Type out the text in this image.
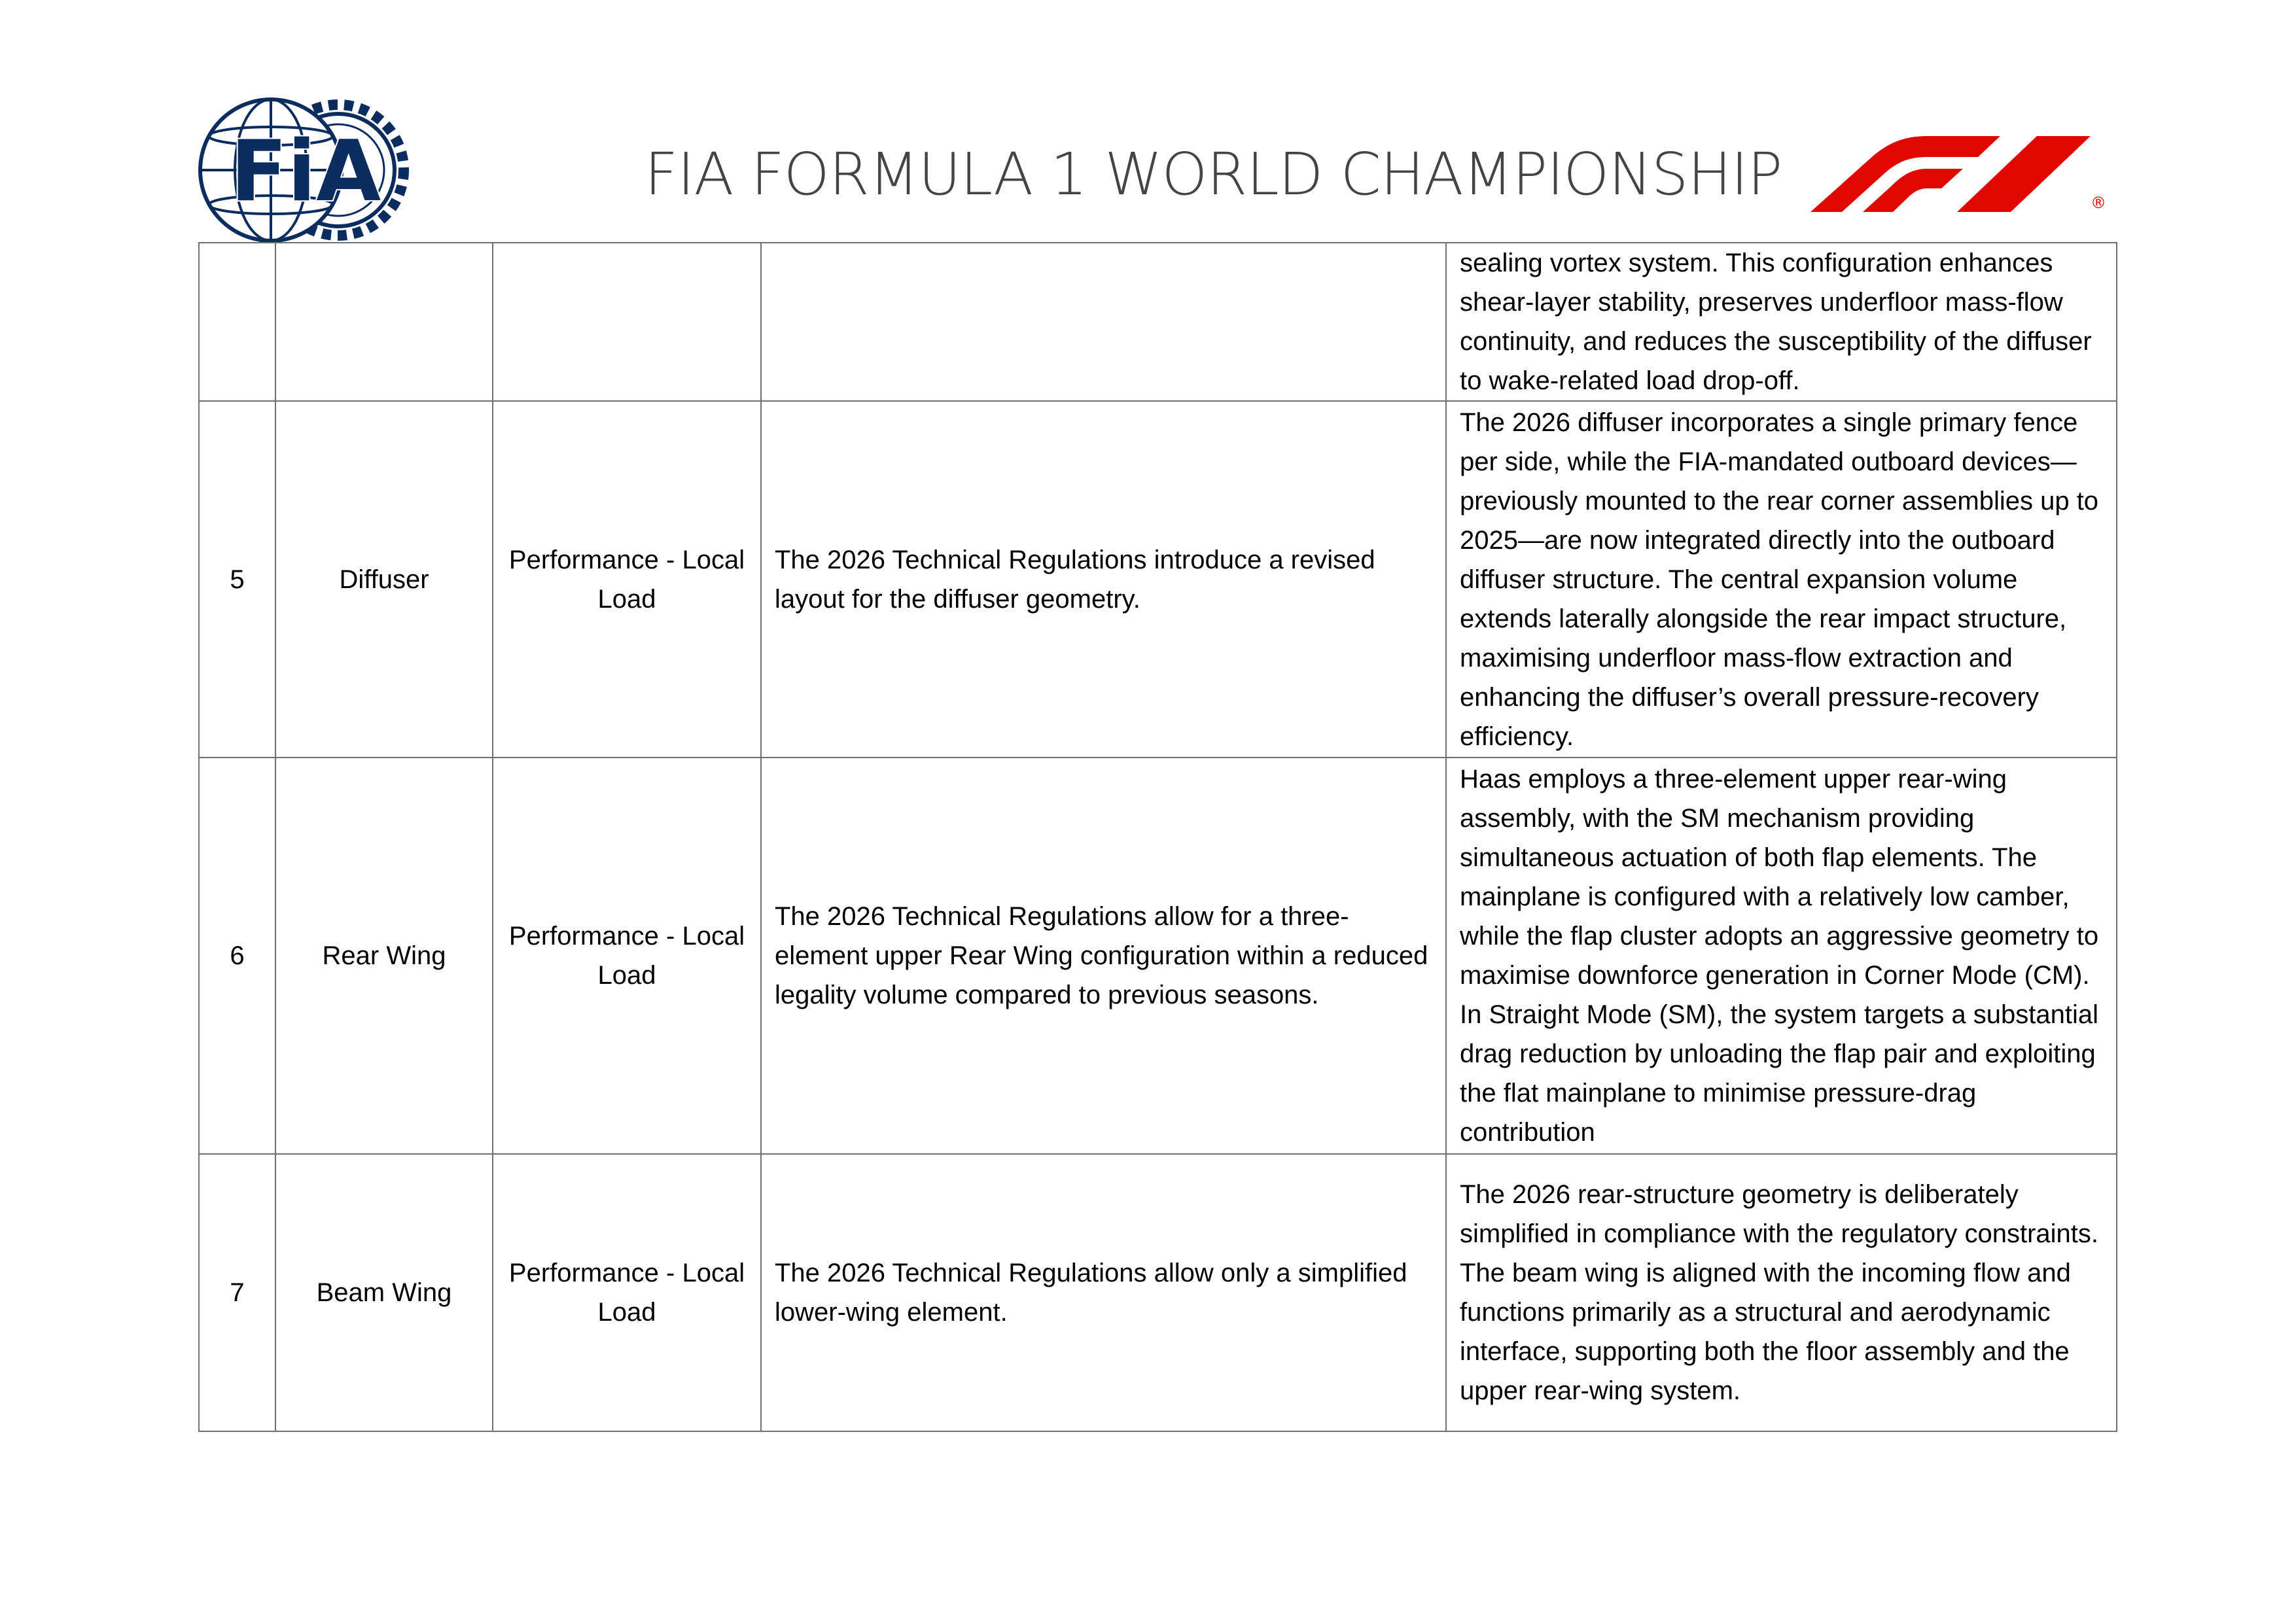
FiA	FIA FORMULA 1 WORLD CHAMPIONSHIP	®
				sealing vortex system. This configuration enhances shear-layer stability, preserves underfloor mass-flow continuity, and reduces the susceptibility of the diffuser to wake-related load drop-off.
5	Diffuser	Performance - Local Load	The 2026 Technical Regulations introduce a revised layout for the diffuser geometry.	The 2026 diffuser incorporates a single primary fence per side, while the FIA-mandated outboard devices—previously mounted to the rear corner assemblies up to 2025—are now integrated directly into the outboard diffuser structure. The central expansion volume extends laterally alongside the rear impact structure, maximising underfloor mass-flow extraction and enhancing the diffuser’s overall pressure-recovery efficiency.
6	Rear Wing	Performance - Local Load	The 2026 Technical Regulations allow for a three-element upper Rear Wing configuration within a reduced legality volume compared to previous seasons.	Haas employs a three-element upper rear-wing assembly, with the SM mechanism providing simultaneous actuation of both flap elements. The mainplane is configured with a relatively low camber, while the flap cluster adopts an aggressive geometry to maximise downforce generation in Corner Mode (CM). In Straight Mode (SM), the system targets a substantial drag reduction by unloading the flap pair and exploiting the flat mainplane to minimise pressure-drag contribution
7	Beam Wing	Performance - Local Load	The 2026 Technical Regulations allow only a simplified lower-wing element.	The 2026 rear-structure geometry is deliberately simplified in compliance with the regulatory constraints. The beam wing is aligned with the incoming flow and functions primarily as a structural and aerodynamic interface, supporting both the floor assembly and the upper rear-wing system.
